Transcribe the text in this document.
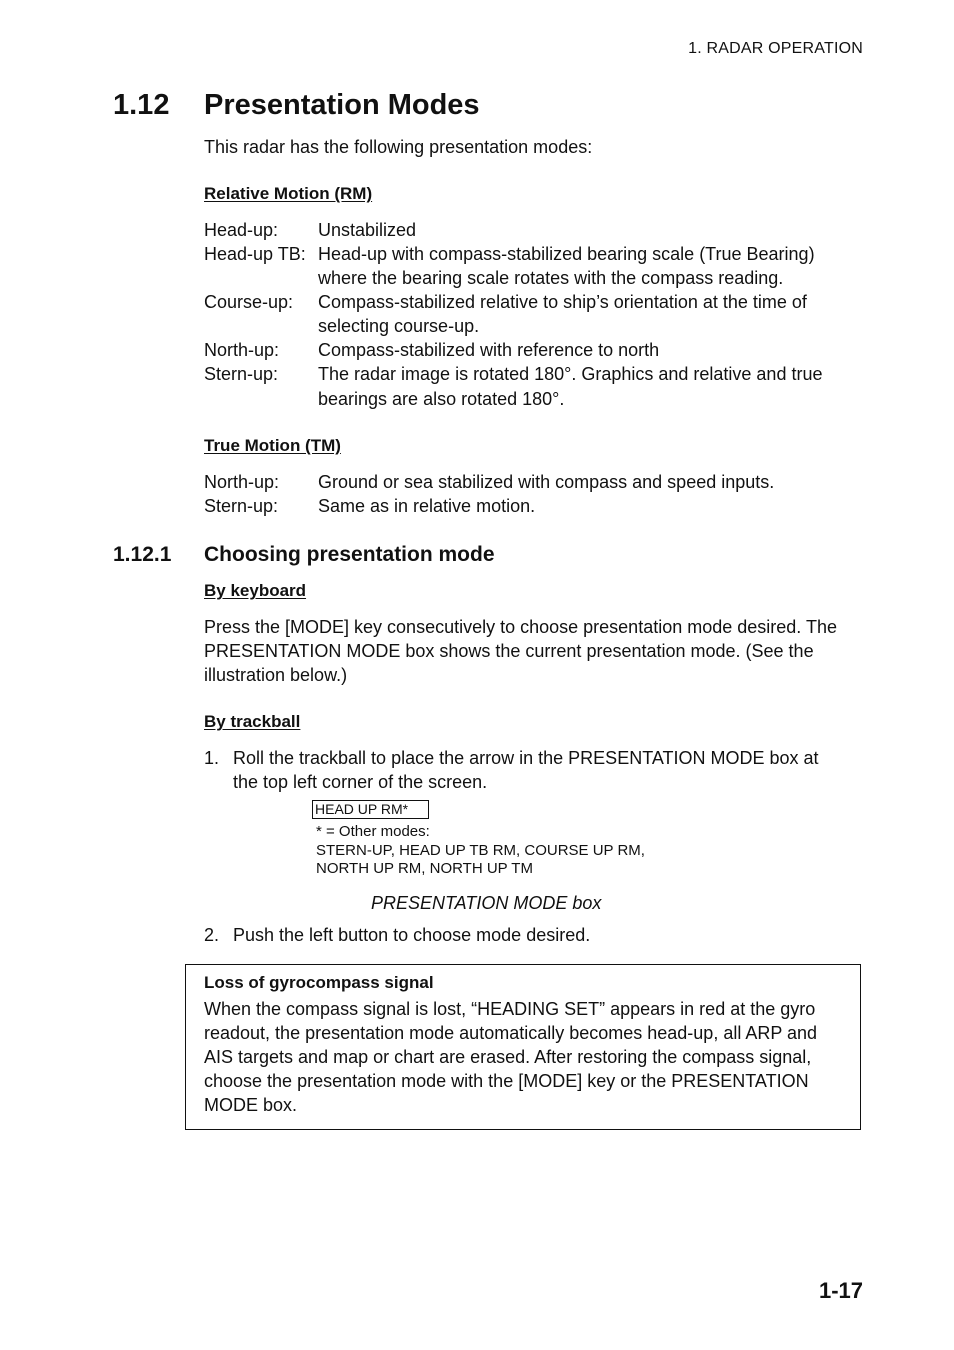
1. RADAR OPERATION
1.12 Presentation Modes
This radar has the following presentation modes:
Relative Motion (RM)
Head-up: Unstabilized
Head-up TB: Head-up with compass-stabilized bearing scale (True Bearing)
where the bearing scale rotates with the compass reading.
Course-up: Compass-stabilized relative to ship’s orientation at the time of
selecting course-up.
North-up: Compass-stabilized with reference to north
Stern-up: The radar image is rotated 180°. Graphics and relative and true
bearings are also rotated 180°.
True Motion (TM)
North-up: Ground or sea stabilized with compass and speed inputs.
Stern-up: Same as in relative motion.
1.12.1 Choosing presentation mode
By keyboard
Press the [MODE] key consecutively to choose presentation mode desired. The
PRESENTATION MODE box shows the current presentation mode. (See the
illustration below.)
By trackball
1. Roll the trackball to place the arrow in the PRESENTATION MODE box at
the top left corner of the screen.
HEAD UP RM*
* = Other modes:
STERN-UP, HEAD UP TB RM, COURSE UP RM,
NORTH UP RM, NORTH UP TM
PRESENTATION MODE box
2. Push the left button to choose mode desired.
Loss of gyrocompass signal
When the compass signal is lost, “HEADING SET” appears in red at the gyro
readout, the presentation mode automatically becomes head-up, all ARP and
AIS targets and map or chart are erased. After restoring the compass signal,
choose the presentation mode with the [MODE] key or the PRESENTATION
MODE box.
1-17
